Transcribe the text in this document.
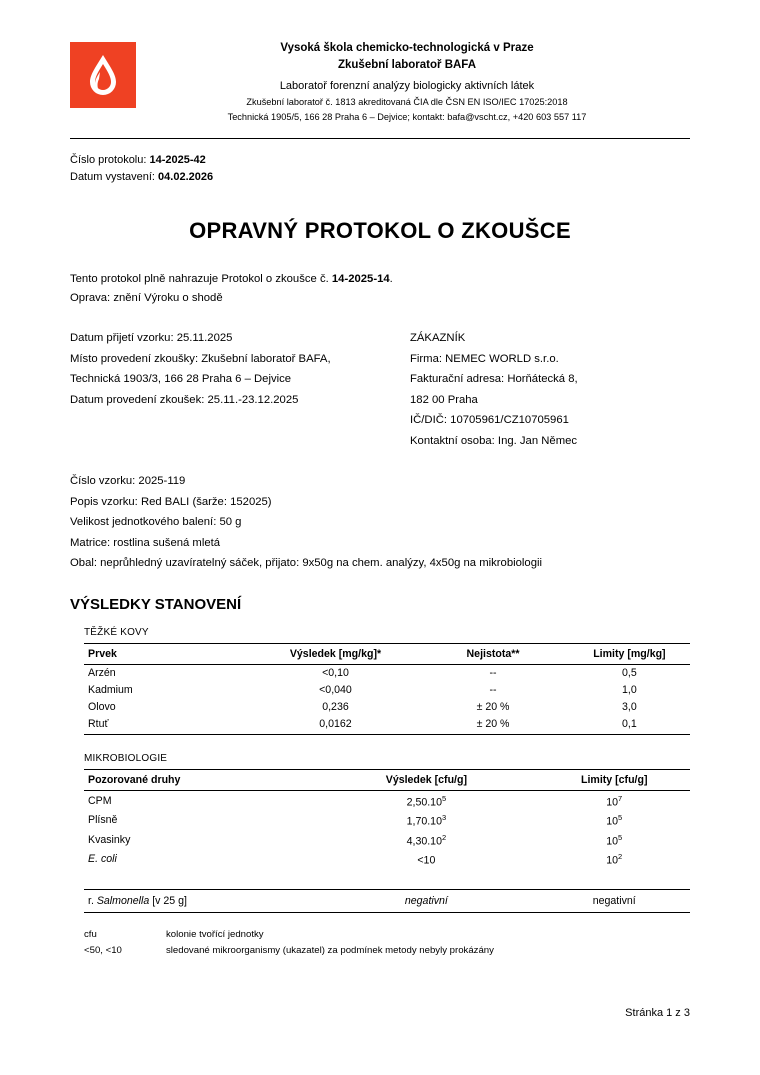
Vysoká škola chemicko-technologická v Praze
Zkušební laboratoř BAFA
Laboratoř forenzní analýzy biologicky aktivních látek
Zkušební laboratoř č. 1813 akreditovaná ČIA dle ČSN EN ISO/IEC 17025:2018
Technická 1905/5, 166 28 Praha 6 – Dejvice; kontakt: bafa@vscht.cz, +420 603 557 117
Číslo protokolu: 14-2025-42
Datum vystavení: 04.02.2026
OPRAVNÝ PROTOKOL O ZKOUŠCE
Tento protokol plně nahrazuje Protokol o zkoušce č. 14-2025-14.
Oprava: znění Výroku o shodě
Datum přijetí vzorku: 25.11.2025
Místo provedení zkoušky: Zkušební laboratoř BAFA,
Technická 1903/3, 166 28 Praha 6 – Dejvice
Datum provedení zkoušek: 25.11.-23.12.2025
ZÁKAZNÍK
Firma: NEMEC WORLD s.r.o.
Fakturační adresa: Horňátecká 8,
182 00 Praha
IČ/DIČ: 10705961/CZ10705961
Kontaktní osoba: Ing. Jan Němec
Číslo vzorku: 2025-119
Popis vzorku: Red BALI (šarže: 152025)
Velikost jednotkového balení: 50 g
Matrice: rostlina sušená mletá
Obal: neprůhledný uzavíratelný sáček, přijato: 9x50g na chem. analýzy, 4x50g na mikrobiologii
VÝSLEDKY STANOVENÍ
TĚŽKÉ KOVY
Prvek	Výsledek [mg/kg]*	Nejistota**	Limity [mg/kg]
Arzén	<0,10	--	0,5
Kadmium	<0,040	--	1,0
Olovo	0,236	± 20 %	3,0
Rtuť	0,0162	± 20 %	0,1
MIKROBIOLOGIE
Pozorované druhy	Výsledek [cfu/g]	Limity [cfu/g]
CPM	2,50.10$^5$	$10^7$
Plísně	1,70.10$^3$	$10^5$
Kvasinky	4,30.10$^2$	$10^5$
E. coli	<10	$10^2$
r. Salmonella [v 25 g]	negativní	negativní
cfu	kolonie tvořící jednotky
<50, <10	sledované mikroorganismy (ukazatel) za podmínek metody nebyly prokázány
Stránka 1 z 3
